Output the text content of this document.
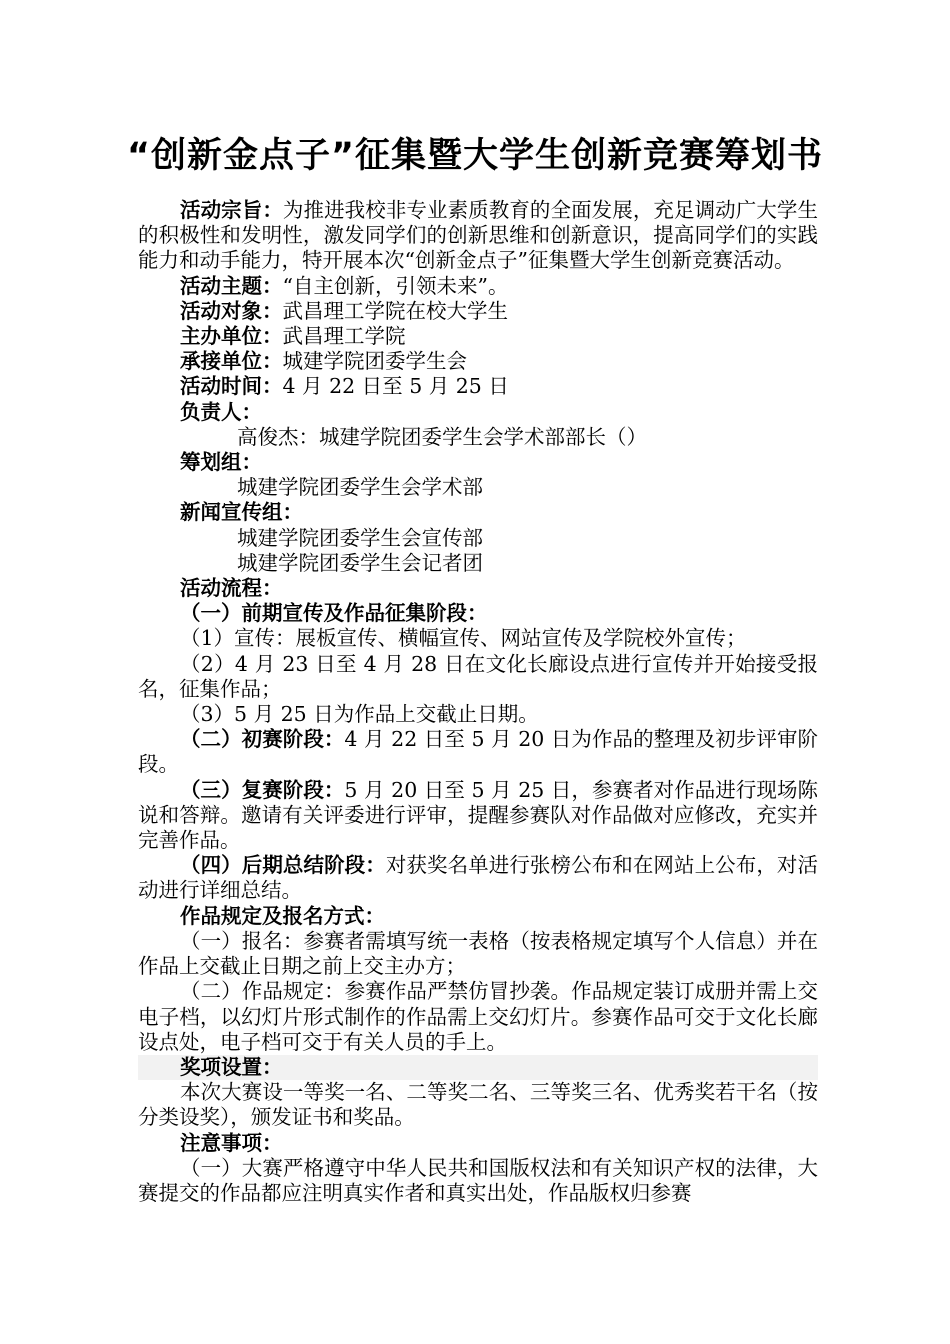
“创新金点子”征集暨大学生创新竞赛筹划书

活动宗旨：为推进我校非专业素质教育的全面发展，充足调动广大学生的积极性和发明性，激发同学们的创新思维和创新意识，提高同学们的实践能力和动手能力，特开展本次“创新金点子”征集暨大学生创新竞赛活动。

活动主题：“自主创新，引领未来”。

活动对象：武昌理工学院在校大学生

主办单位：武昌理工学院

承接单位：城建学院团委学生会

活动时间：4 月 22 日至 5 月 25 日

负责人：

高俊杰：城建学院团委学生会学术部部长（）

筹划组：

城建学院团委学生会学术部

新闻宣传组：

城建学院团委学生会宣传部

城建学院团委学生会记者团

活动流程：

（一）前期宣传及作品征集阶段：

（1）宣传：展板宣传、横幅宣传、网站宣传及学院校外宣传；

（2）4 月 23 日至 4 月 28 日在文化长廊设点进行宣传并开始接受报名，征集作品；

（3）5 月 25 日为作品上交截止日期。

（二）初赛阶段：4 月 22 日至 5 月 20 日为作品的整理及初步评审阶段。

（三）复赛阶段：5 月 20 日至 5 月 25 日，参赛者对作品进行现场陈说和答辩。邀请有关评委进行评审，提醒参赛队对作品做对应修改，充实并完善作品。

（四）后期总结阶段：对获奖名单进行张榜公布和在网站上公布，对活动进行详细总结。

作品规定及报名方式：

（一）报名：参赛者需填写统一表格（按表格规定填写个人信息）并在作品上交截止日期之前上交主办方；

（二）作品规定：参赛作品严禁仿冒抄袭。作品规定装订成册并需上交电子档，以幻灯片形式制作的作品需上交幻灯片。参赛作品可交于文化长廊设点处，电子档可交于有关人员的手上。

奖项设置：

本次大赛设一等奖一名、二等奖二名、三等奖三名、优秀奖若干名（按分类设奖），颁发证书和奖品。

注意事项：

（一）大赛严格遵守中华人民共和国版权法和有关知识产权的法律，大赛提交的作品都应注明真实作者和真实出处，作品版权归参赛
